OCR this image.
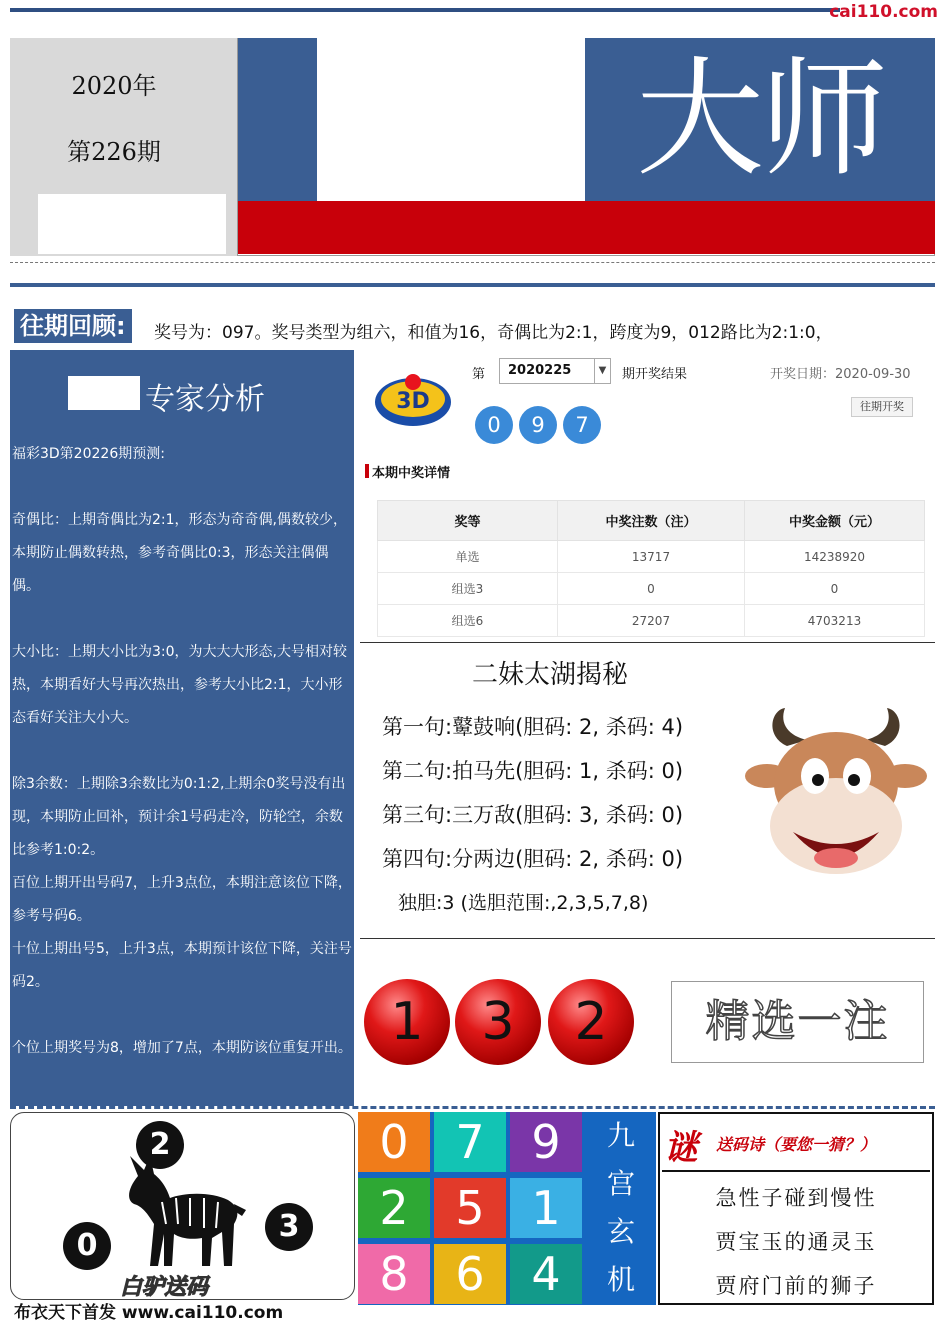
cai110.com
2020年
第226期	大师
往期回顾:	奖号为：097。奖号类型为组六，和值为16，奇偶比为2:1，跨度为9，012路比为2:1:0，
专家分析

福彩3D第20226期预测:

奇偶比：上期奇偶比为2:1，形态为奇奇偶,偶数较少，本期防止偶数转热，参考奇偶比0:3，形态关注偶偶偶。

大小比：上期大小比为3:0，为大大大形态,大号相对较热，本期看好大号再次热出，参考大小比2:1，大小形态看好关注大小大。

除3余数：上期除3余数比为0:1:2,上期余0奖号没有出现，本期防止回补，预计余1号码走冷，防轮空，余数比参考1:0:2。

百位上期开出号码7，上升3点位，本期注意该位下降，参考号码6。

十位上期出号5，上升3点，本期预计该位下降，关注号码2。

个位上期奖号为8，增加了7点，本期防该位重复开出。

3D
第	2020225	▼ 期开奖结果	开奖日期：2020-09-30
往期开奖
0	9	7
本期中奖详情
奖等	中奖注数（注）	中奖金额（元）
单选	13717	14238920
组选3	0	0
组选6	27207	4703213
二妹太湖揭秘
第一句:鼙鼓响(胆码: 2, 杀码: 4)
第二句:拍马先(胆码: 1, 杀码: 0)
第三句:三万敌(胆码: 3, 杀码: 0)
第四句:分两边(胆码: 2, 杀码: 0)
独胆:3 (选胆范围:,2,3,5,7,8)
1	3	2	精选一注
2
0
3
白驴送码
布衣天下首发 www.cai110.com
0	7	9
2	5	1
8	6	4
九
宫
玄
机
谜 送码诗（要您一猜？）
急性子碰到慢性
贾宝玉的通灵玉
贾府门前的狮子
